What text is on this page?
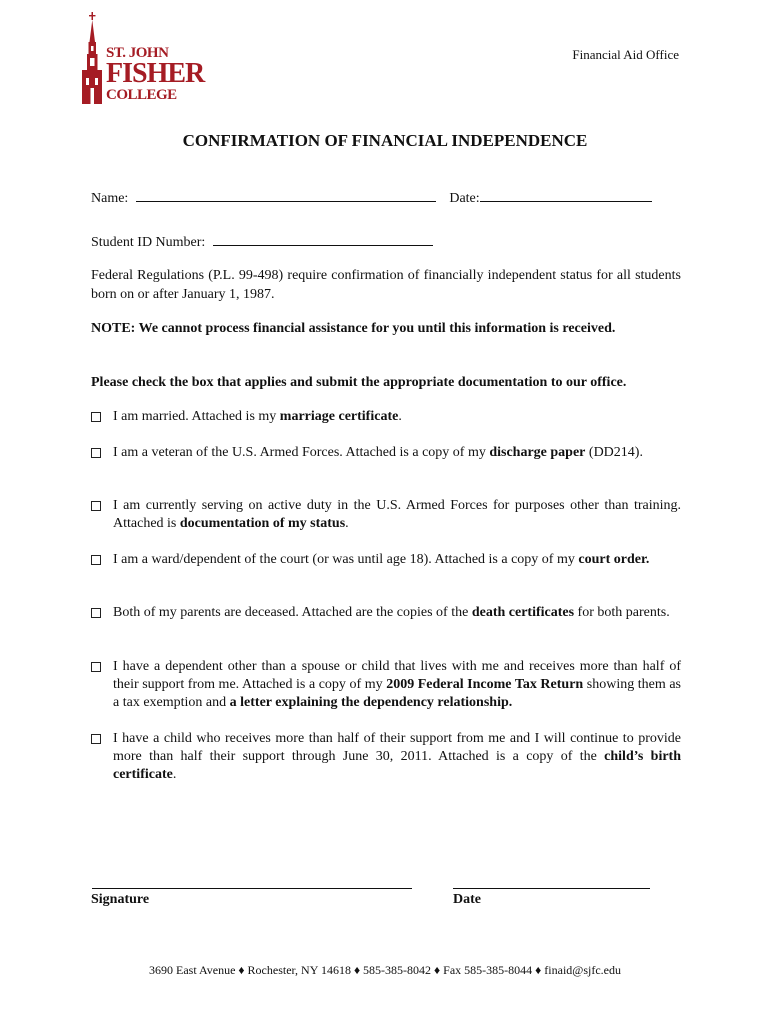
ST. JOHN
FISHER
COLLEGE
Financial Aid Office
CONFIRMATION OF FINANCIAL INDEPENDENCE
Name:	Date:
Student ID Number:
Federal Regulations (P.L. 99-498) require confirmation of financially independent status for all students born on or after January 1, 1987.
NOTE: We cannot process financial assistance for you until this information is received.
Please check the box that applies and submit the appropriate documentation to our office.
I am married. Attached is my marriage certificate.
I am a veteran of the U.S. Armed Forces. Attached is a copy of my discharge paper (DD214).
I am currently serving on active duty in the U.S. Armed Forces for purposes other than training. Attached is documentation of my status.
I am a ward/dependent of the court (or was until age 18). Attached is a copy of my court order.
Both of my parents are deceased. Attached are the copies of the death certificates for both parents.
I have a dependent other than a spouse or child that lives with me and receives more than half of their support from me. Attached is a copy of my 2009 Federal Income Tax Return showing them as a tax exemption and a letter explaining the dependency relationship.
I have a child who receives more than half of their support from me and I will continue to provide more than half their support through June 30, 2011. Attached is a copy of the child’s birth certificate.
Signature	Date
3690 East Avenue ♦ Rochester, NY 14618 ♦ 585-385-8042 ♦ Fax 585-385-8044 ♦ finaid@sjfc.edu
